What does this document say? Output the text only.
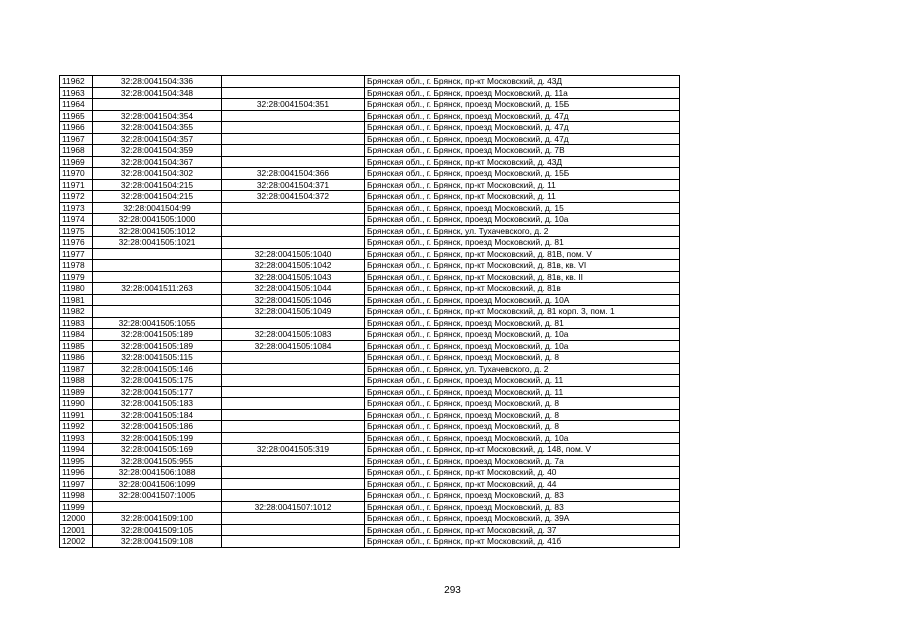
11962	32:28:0041504:336		Брянская обл., г. Брянск, пр-кт Московский, д. 43Д
11963	32:28:0041504:348		Брянская обл., г. Брянск, проезд Московский, д. 11а
11964		32:28:0041504:351	Брянская обл., г. Брянск, проезд Московский, д. 15Б
11965	32:28:0041504:354		Брянская обл., г. Брянск, проезд Московский, д. 47д
11966	32:28:0041504:355		Брянская обл., г. Брянск, проезд Московский, д. 47д
11967	32:28:0041504:357		Брянская обл., г. Брянск, проезд Московский, д. 47д
11968	32:28:0041504:359		Брянская обл., г. Брянск, проезд Московский, д. 7В
11969	32:28:0041504:367		Брянская обл., г. Брянск, пр-кт Московский, д. 43Д
11970	32:28:0041504:302	32:28:0041504:366	Брянская обл., г. Брянск, проезд Московский, д. 15Б
11971	32:28:0041504:215	32:28:0041504:371	Брянская обл., г. Брянск, пр-кт Московский, д. 11
11972	32:28:0041504:215	32:28:0041504:372	Брянская обл., г. Брянск, пр-кт Московский, д. 11
11973	32:28:0041504:99		Брянская обл., г. Брянск, проезд Московский, д. 15
11974	32:28:0041505:1000		Брянская обл., г. Брянск, проезд Московский, д. 10а
11975	32:28:0041505:1012		Брянская обл., г. Брянск, ул. Тухачевского, д. 2
11976	32:28:0041505:1021		Брянская обл., г. Брянск, проезд Московский, д. 81
11977		32:28:0041505:1040	Брянская обл., г. Брянск, пр-кт Московский, д. 81В, пом. V
11978		32:28:0041505:1042	Брянская обл., г. Брянск, пр-кт Московский, д. 81в, кв. VI
11979		32:28:0041505:1043	Брянская обл., г. Брянск, пр-кт Московский, д. 81в, кв. II
11980	32:28:0041511:263	32:28:0041505:1044	Брянская обл., г. Брянск, пр-кт Московский, д. 81в
11981		32:28:0041505:1046	Брянская обл., г. Брянск, проезд Московский, д. 10А
11982		32:28:0041505:1049	Брянская обл., г. Брянск, пр-кт Московский, д. 81 корп. 3, пом. 1
11983	32:28:0041505:1055		Брянская обл., г. Брянск, проезд Московский, д. 81
11984	32:28:0041505:189	32:28:0041505:1083	Брянская обл., г. Брянск, проезд Московский, д. 10а
11985	32:28:0041505:189	32:28:0041505:1084	Брянская обл., г. Брянск, проезд Московский, д. 10а
11986	32:28:0041505:115		Брянская обл., г. Брянск, проезд Московский, д. 8
11987	32:28:0041505:146		Брянская обл., г. Брянск, ул. Тухачевского, д. 2
11988	32:28:0041505:175		Брянская обл., г. Брянск, проезд Московский, д. 11
11989	32:28:0041505:177		Брянская обл., г. Брянск, проезд Московский, д. 11
11990	32:28:0041505:183		Брянская обл., г. Брянск, проезд Московский, д. 8
11991	32:28:0041505:184		Брянская обл., г. Брянск, проезд Московский, д. 8
11992	32:28:0041505:186		Брянская обл., г. Брянск, проезд Московский, д. 8
11993	32:28:0041505:199		Брянская обл., г. Брянск, проезд Московский, д. 10а
11994	32:28:0041505:169	32:28:0041505:319	Брянская обл., г. Брянск, пр-кт Московский, д. 148, пом. V
11995	32:28:0041505:955		Брянская обл., г. Брянск, проезд Московский, д. 7а
11996	32:28:0041506:1088		Брянская обл., г. Брянск, пр-кт Московский, д. 40
11997	32:28:0041506:1099		Брянская обл., г. Брянск, пр-кт Московский, д. 44
11998	32:28:0041507:1005		Брянская обл., г. Брянск, проезд Московский, д. 83
11999		32:28:0041507:1012	Брянская обл., г. Брянск, проезд Московский, д. 83
12000	32:28:0041509:100		Брянская обл., г. Брянск, проезд Московский, д. 39А
12001	32:28:0041509:105		Брянская обл., г. Брянск, пр-кт Московский, д. 37
12002	32:28:0041509:108		Брянская обл., г. Брянск, пр-кт Московский, д. 41б
293
